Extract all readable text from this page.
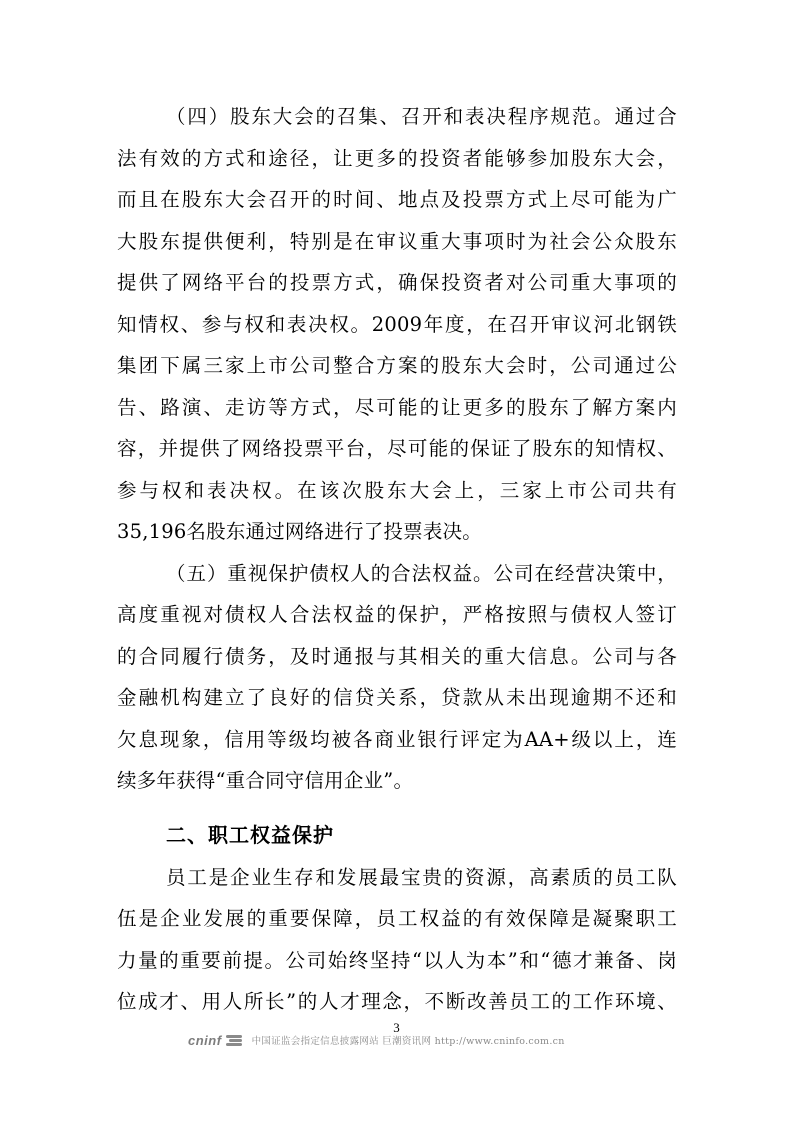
（四）股东大会的召集、召开和表决程序规范。通过合
法有效的方式和途径，让更多的投资者能够参加股东大会，
而且在股东大会召开的时间、地点及投票方式上尽可能为广
大股东提供便利，特别是在审议重大事项时为社会公众股东
提供了网络平台的投票方式，确保投资者对公司重大事项的
知情权、参与权和表决权。2009年度，在召开审议河北钢铁
集团下属三家上市公司整合方案的股东大会时，公司通过公
告、路演、走访等方式，尽可能的让更多的股东了解方案内
容，并提供了网络投票平台，尽可能的保证了股东的知情权、
参与权和表决权。在该次股东大会上，三家上市公司共有
35,196名股东通过网络进行了投票表决。
（五）重视保护债权人的合法权益。公司在经营决策中，
高度重视对债权人合法权益的保护，严格按照与债权人签订
的合同履行债务，及时通报与其相关的重大信息。公司与各
金融机构建立了良好的信贷关系，贷款从未出现逾期不还和
欠息现象，信用等级均被各商业银行评定为AA+级以上，连
续多年获得“重合同守信用企业”。
二、职工权益保护
员工是企业生存和发展最宝贵的资源，高素质的员工队
伍是企业发展的重要保障，员工权益的有效保障是凝聚职工
力量的重要前提。公司始终坚持“以人为本”和“德才兼备、岗
位成才、用人所长”的人才理念，不断改善员工的工作环境、
3
cninf	中国证监会指定信息披露网站 巨潮资讯网 http://www.cninfo.com.cn
